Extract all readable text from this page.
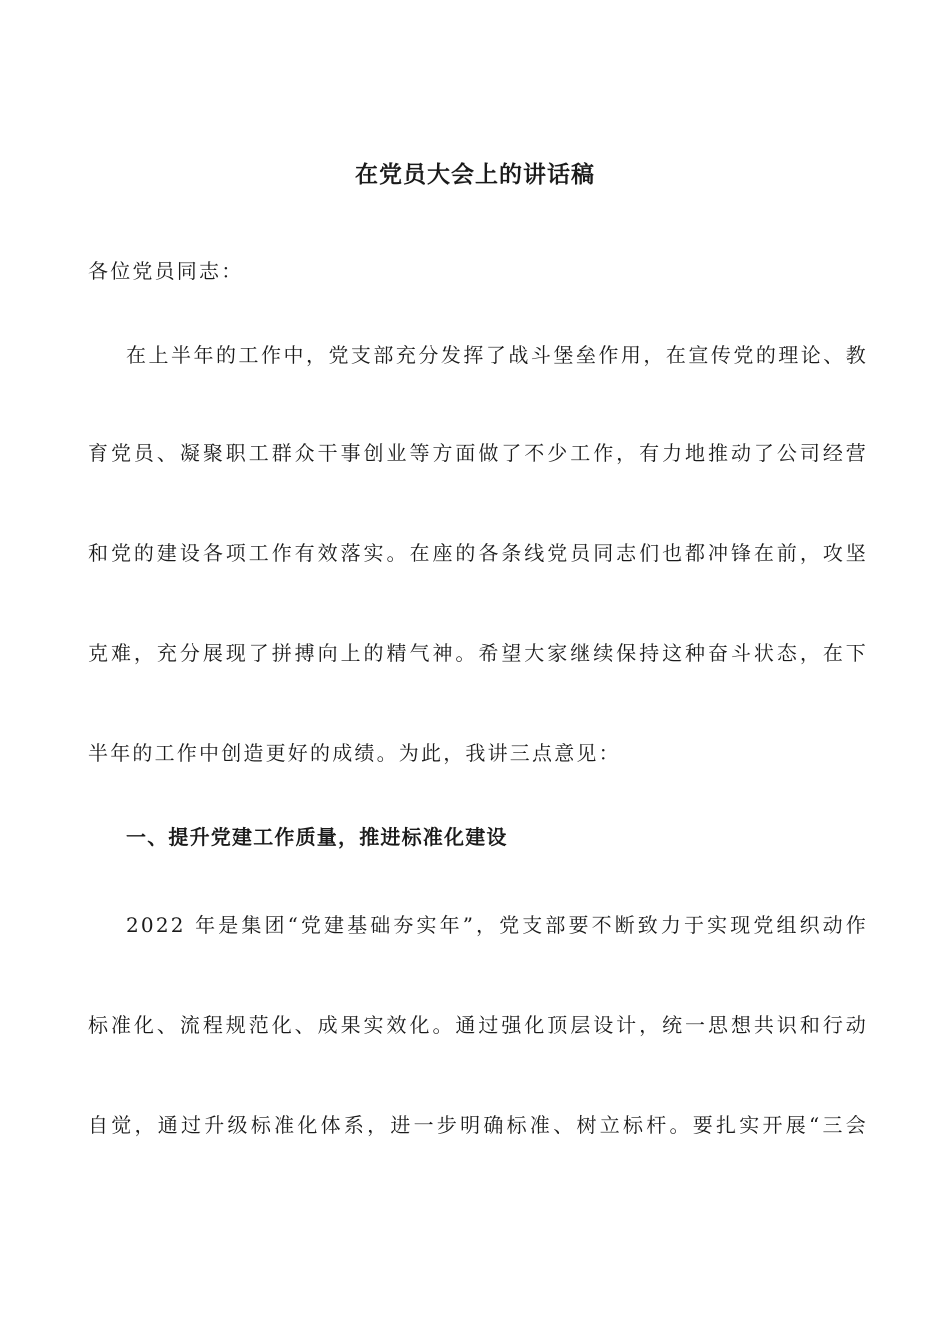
在党员大会上的讲话稿

各位党员同志：

在上半年的工作中，党支部充分发挥了战斗堡垒作用，在宣传党的理论、教

育党员、凝聚职工群众干事创业等方面做了不少工作，有力地推动了公司经营

和党的建设各项工作有效落实。在座的各条线党员同志们也都冲锋在前，攻坚

克难，充分展现了拼搏向上的精气神。希望大家继续保持这种奋斗状态，在下

半年的工作中创造更好的成绩。为此，我讲三点意见：

一、提升党建工作质量，推进标准化建设

2022 年是集团“党建基础夯实年”，党支部要不断致力于实现党组织动作

标准化、流程规范化、成果实效化。通过强化顶层设计，统一思想共识和行动

自觉，通过升级标准化体系，进一步明确标准、树立标杆。要扎实开展“三会
